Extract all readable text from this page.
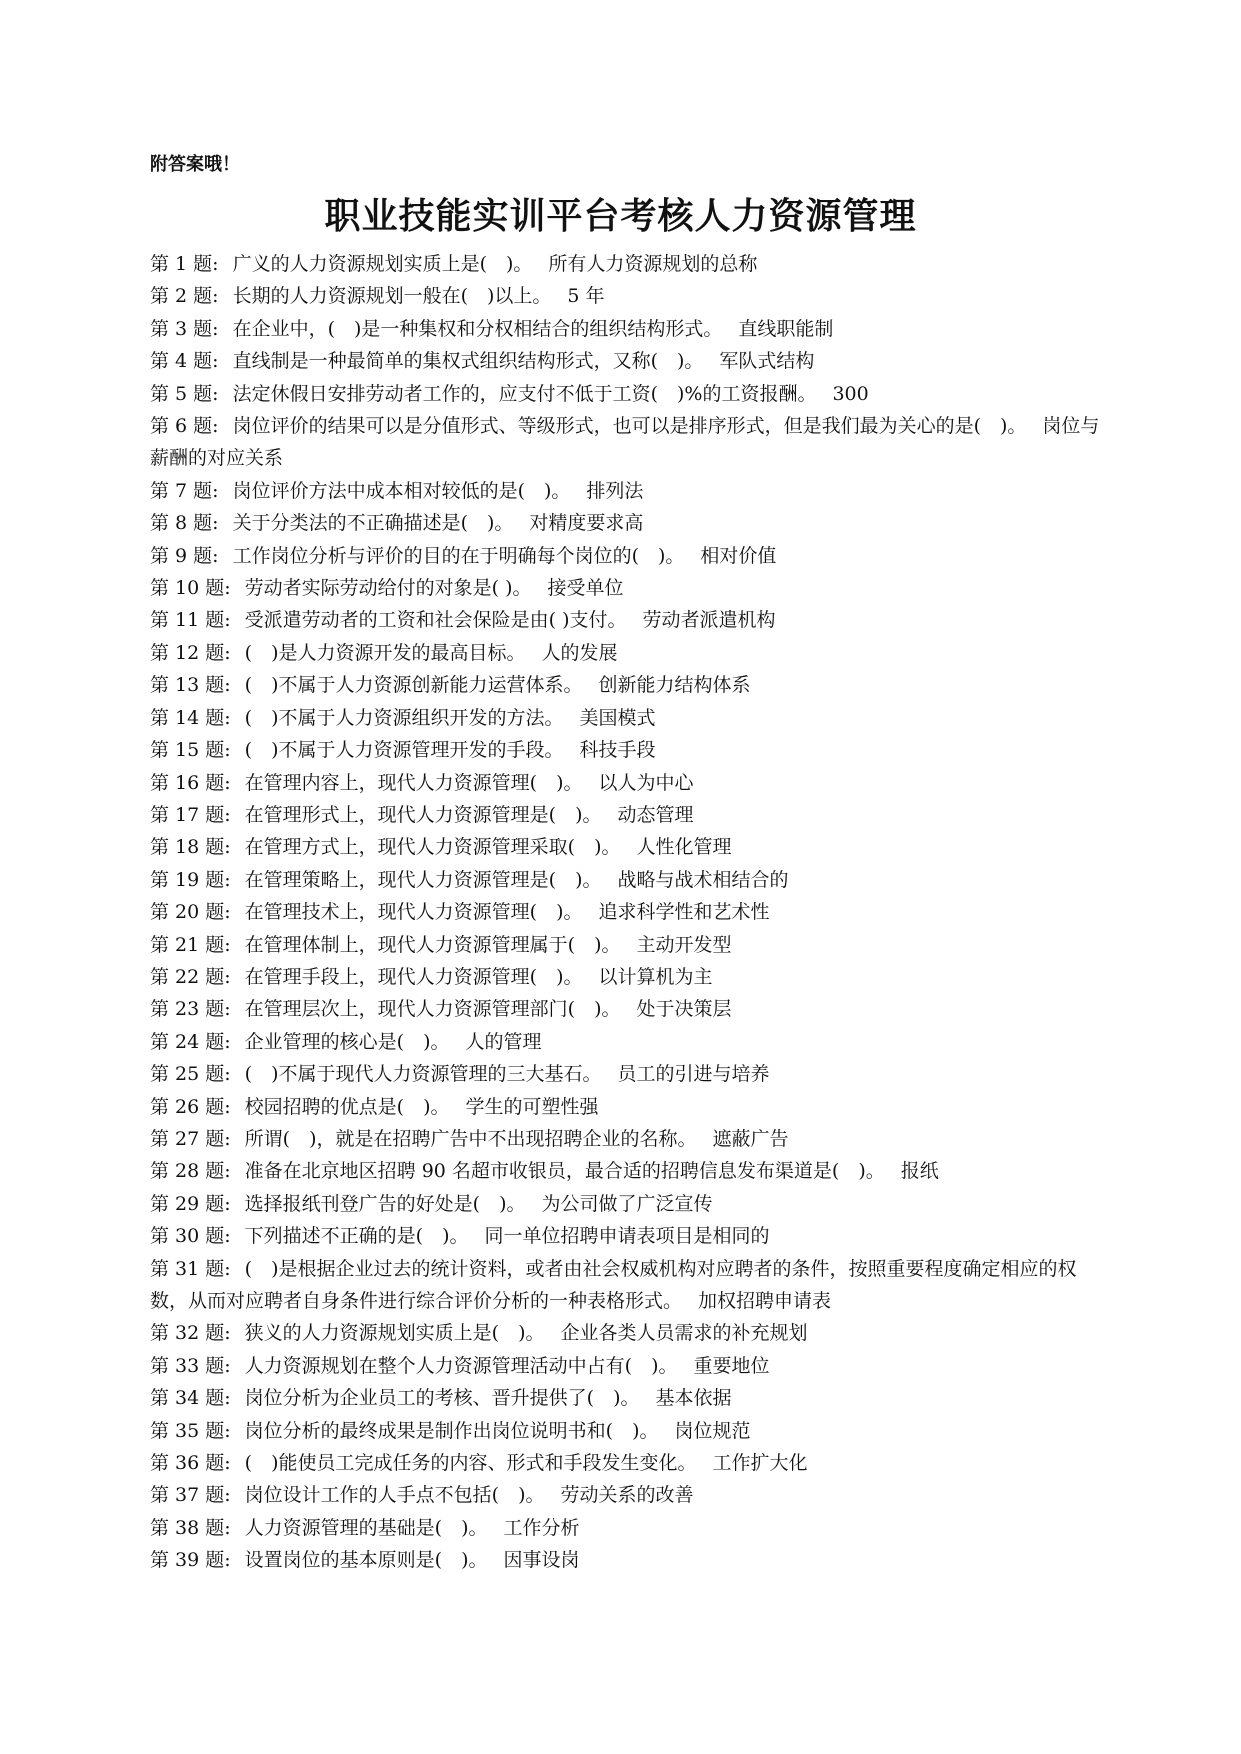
附答案哦！
职业技能实训平台考核人力资源管理
第 1 题: 广义的人力资源规划实质上是(　)。 所有人力资源规划的总称
第 2 题: 长期的人力资源规划一般在(　)以上。 5 年
第 3 题: 在企业中，(　)是一种集权和分权相结合的组织结构形式。 直线职能制
第 4 题: 直线制是一种最简单的集权式组织结构形式，又称(　)。 军队式结构
第 5 题: 法定休假日安排劳动者工作的，应支付不低于工资(　)%的工资报酬。 300
第 6 题: 岗位评价的结果可以是分值形式、等级形式，也可以是排序形式，但是我们最为关心的是(　)。 岗位与薪酬的对应关系
第 7 题: 岗位评价方法中成本相对较低的是(　)。 排列法
第 8 题: 关于分类法的不正确描述是(　)。 对精度要求高
第 9 题: 工作岗位分析与评价的目的在于明确每个岗位的(　)。 相对价值
第 10 题: 劳动者实际劳动给付的对象是( )。 接受单位
第 11 题: 受派遣劳动者的工资和社会保险是由( )支付。 劳动者派遣机构
第 12 题: (　)是人力资源开发的最高目标。 人的发展
第 13 题: (　)不属于人力资源创新能力运营体系。 创新能力结构体系
第 14 题: (　)不属于人力资源组织开发的方法。 美国模式
第 15 题: (　)不属于人力资源管理开发的手段。 科技手段
第 16 题: 在管理内容上，现代人力资源管理(　)。 以人为中心
第 17 题: 在管理形式上，现代人力资源管理是(　)。 动态管理
第 18 题: 在管理方式上，现代人力资源管理采取(　)。 人性化管理
第 19 题: 在管理策略上，现代人力资源管理是(　)。 战略与战术相结合的
第 20 题: 在管理技术上，现代人力资源管理(　)。 追求科学性和艺术性
第 21 题: 在管理体制上，现代人力资源管理属于(　)。 主动开发型
第 22 题: 在管理手段上，现代人力资源管理(　)。 以计算机为主
第 23 题: 在管理层次上，现代人力资源管理部门(　)。 处于决策层
第 24 题: 企业管理的核心是(　)。 人的管理
第 25 题: (　)不属于现代人力资源管理的三大基石。 员工的引进与培养
第 26 题: 校园招聘的优点是(　)。 学生的可塑性强
第 27 题: 所谓(　)，就是在招聘广告中不出现招聘企业的名称。 遮蔽广告
第 28 题: 准备在北京地区招聘 90 名超市收银员，最合适的招聘信息发布渠道是(　)。 报纸
第 29 题: 选择报纸刊登广告的好处是(　)。 为公司做了广泛宣传
第 30 题: 下列描述不正确的是(　)。 同一单位招聘申请表项目是相同的
第 31 题: (　)是根据企业过去的统计资料，或者由社会权威机构对应聘者的条件，按照重要程度确定相应的权数，从而对应聘者自身条件进行综合评价分析的一种表格形式。 加权招聘申请表
第 32 题: 狭义的人力资源规划实质上是(　)。 企业各类人员需求的补充规划
第 33 题: 人力资源规划在整个人力资源管理活动中占有(　)。 重要地位
第 34 题: 岗位分析为企业员工的考核、晋升提供了(　)。 基本依据
第 35 题: 岗位分析的最终成果是制作出岗位说明书和(　)。 岗位规范
第 36 题: (　)能使员工完成任务的内容、形式和手段发生变化。 工作扩大化
第 37 题: 岗位设计工作的人手点不包括(　)。 劳动关系的改善
第 38 题: 人力资源管理的基础是(　)。 工作分析
第 39 题: 设置岗位的基本原则是(　)。 因事设岗
